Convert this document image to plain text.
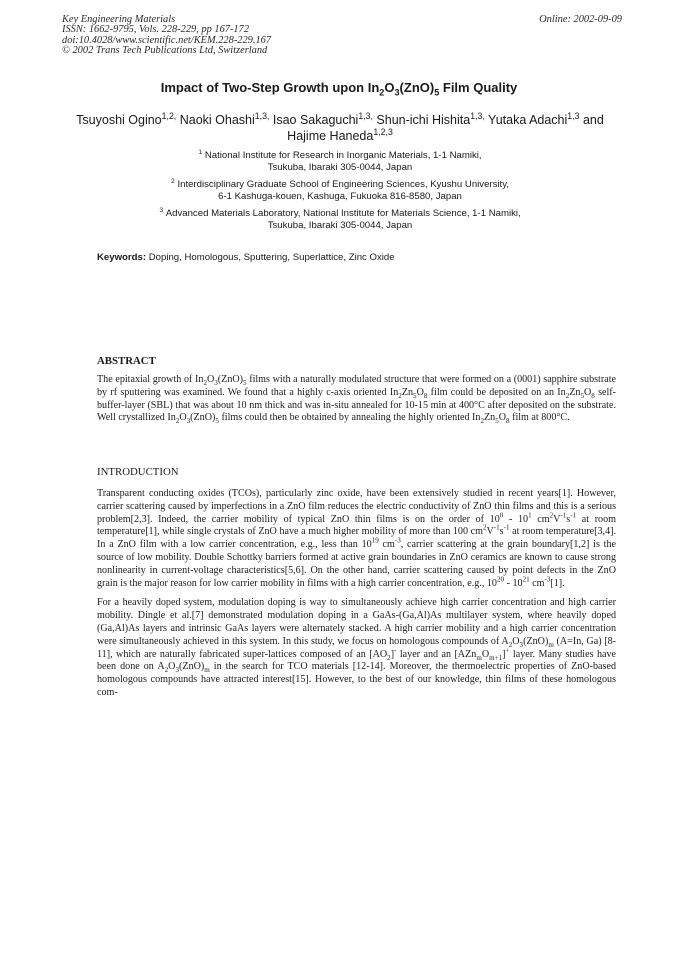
Key Engineering Materials
ISSN: 1662-9795, Vols. 228-229, pp 167-172
doi:10.4028/www.scientific.net/KEM.228-229.167
© 2002 Trans Tech Publications Ltd, Switzerland
Online: 2002-09-09
Impact of Two-Step Growth upon $In_2O_3(ZnO)_5$ Film Quality
Tsuyoshi Ogino$^{1,2,}$ Naoki Ohashi$^{1,3,}$ Isao Sakaguchi$^{1,3,}$ Shun-ichi Hishita$^{1,3,}$ Yutaka Adachi$^{1,3}$ and Hajime Haneda$^{1,2,3}$
$^1$ National Institute for Research in Inorganic Materials, 1-1 Namiki,
Tsukuba, Ibaraki 305-0044, Japan
$^2$ Interdisciplinary Graduate School of Engineering Sciences, Kyushu University,
6-1 Kashuga-kouen, Kashuga, Fukuoka 816-8580, Japan
$^3$ Advanced Materials Laboratory, National Institute for Materials Science, 1-1 Namiki,
Tsukuba, Ibaraki 305-0044, Japan
Keywords: Doping, Homologous, Sputtering, Superlattice, Zinc Oxide
ABSTRACT

The epitaxial growth of $In_2O_3(ZnO)_5$ films with a naturally modulated structure that were formed on a (0001) sapphire substrate by rf sputtering was examined. We found that a highly c-axis oriented $In_2Zn_5O_8$ film could be deposited on an $In_2Zn_5O_8$ self-buffer-layer (SBL) that was about 10 nm thick and was in-situ annealed for 10-15 min at 400°C after deposited on the substrate. Well crystallized $In_2O_3(ZnO)_5$ films could then be obtained by annealing the highly oriented $In_2Zn_5O_8$ film at 800°C.

INTRODUCTION

Transparent conducting oxides (TCOs), particularly zinc oxide, have been extensively studied in recent years[1]. However, carrier scattering caused by imperfections in a ZnO film reduces the electric conductivity of ZnO thin films and this is a serious problem[2,3]. Indeed, the carrier mobility of typical ZnO thin films is on the order of $10^0 - 10^1$ $cm^2V^{-1}s^{-1}$ at room temperature[1], while single crystals of ZnO have a much higher mobility of more than 100 $cm^2V^{-1}s^{-1}$ at room temperature[3,4]. In a ZnO film with a low carrier concentration, e.g., less than $10^{19}$ $cm^{-3}$, carrier scattering at the grain boundary[1,2] is the source of low mobility. Double Schottky barriers formed at active grain boundaries in ZnO ceramics are known to cause strong nonlinearity in current-voltage characteristics[5,6]. On the other hand, carrier scattering caused by point defects in the ZnO grain is the major reason for low carrier mobility in films with a high carrier concentration, e.g., $10^{20} - 10^{21}$ $cm^{-3}[1]$.

For a heavily doped system, modulation doping is way to simultaneously achieve high carrier concentration and high carrier mobility. Dingle et al.[7] demonstrated modulation doping in a GaAs-(Ga,Al)As multilayer system, where heavily doped (Ga,Al)As layers and intrinsic GaAs layers were alternately stacked. A high carrier mobility and a high carrier concentration were simultaneously achieved in this system. In this study, we focus on homologous compounds of $A_2O_3(ZnO)_m$ (A=In, Ga) [8-11], which are naturally fabricated super-lattices composed of an $[AO_2]^-$ layer and an $[AZn_mO_{m+1}]^+$ layer. Many studies have been done on $A_2O_3(ZnO)_m$ in the search for TCO materials [12-14]. Moreover, the thermoelectric properties of ZnO-based homologous compounds have attracted interest[15]. However, to the best of our knowledge, thin films of these homologous com-
